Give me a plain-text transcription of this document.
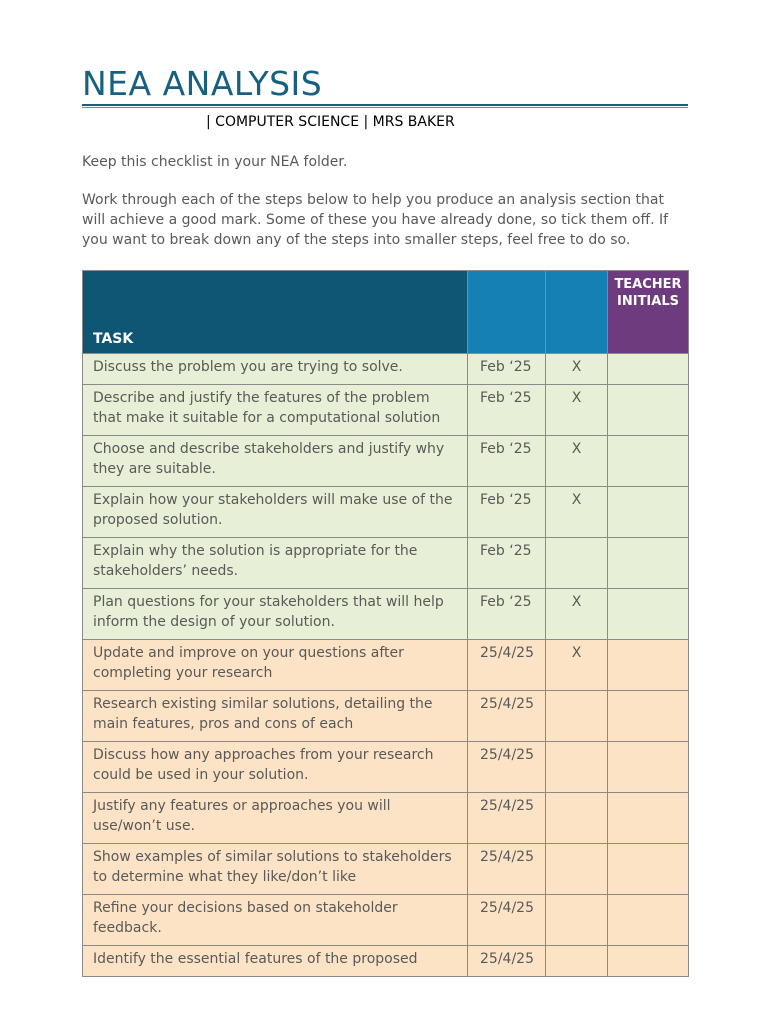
NEA ANALYSIS
| COMPUTER SCIENCE | MRS BAKER
Keep this checklist in your NEA folder.
Work through each of the steps below to help you produce an analysis section that will achieve a good mark. Some of these you have already done, so tick them off. If you want to break down any of the steps into smaller steps, feel free to do so.
TASK			TEACHER INITIALS
Discuss the problem you are trying to solve.	Feb ‘25	X	
Describe and justify the features of the problem that make it suitable for a computational solution	Feb ‘25	X	
Choose and describe stakeholders and justify why they are suitable.	Feb ‘25	X	
Explain how your stakeholders will make use of the proposed solution.	Feb ‘25	X	
Explain why the solution is appropriate for the stakeholders’ needs.	Feb ‘25		
Plan questions for your stakeholders that will help inform the design of your solution.	Feb ‘25	X	
Update and improve on your questions after completing your research	25/4/25	X	
Research existing similar solutions, detailing the main features, pros and cons of each	25/4/25		
Discuss how any approaches from your research could be used in your solution.	25/4/25		
Justify any features or approaches you will use/won’t use.	25/4/25		
Show examples of similar solutions to stakeholders to determine what they like/don’t like	25/4/25		
Refine your decisions based on stakeholder feedback.	25/4/25		
Identify the essential features of the proposed	25/4/25		
